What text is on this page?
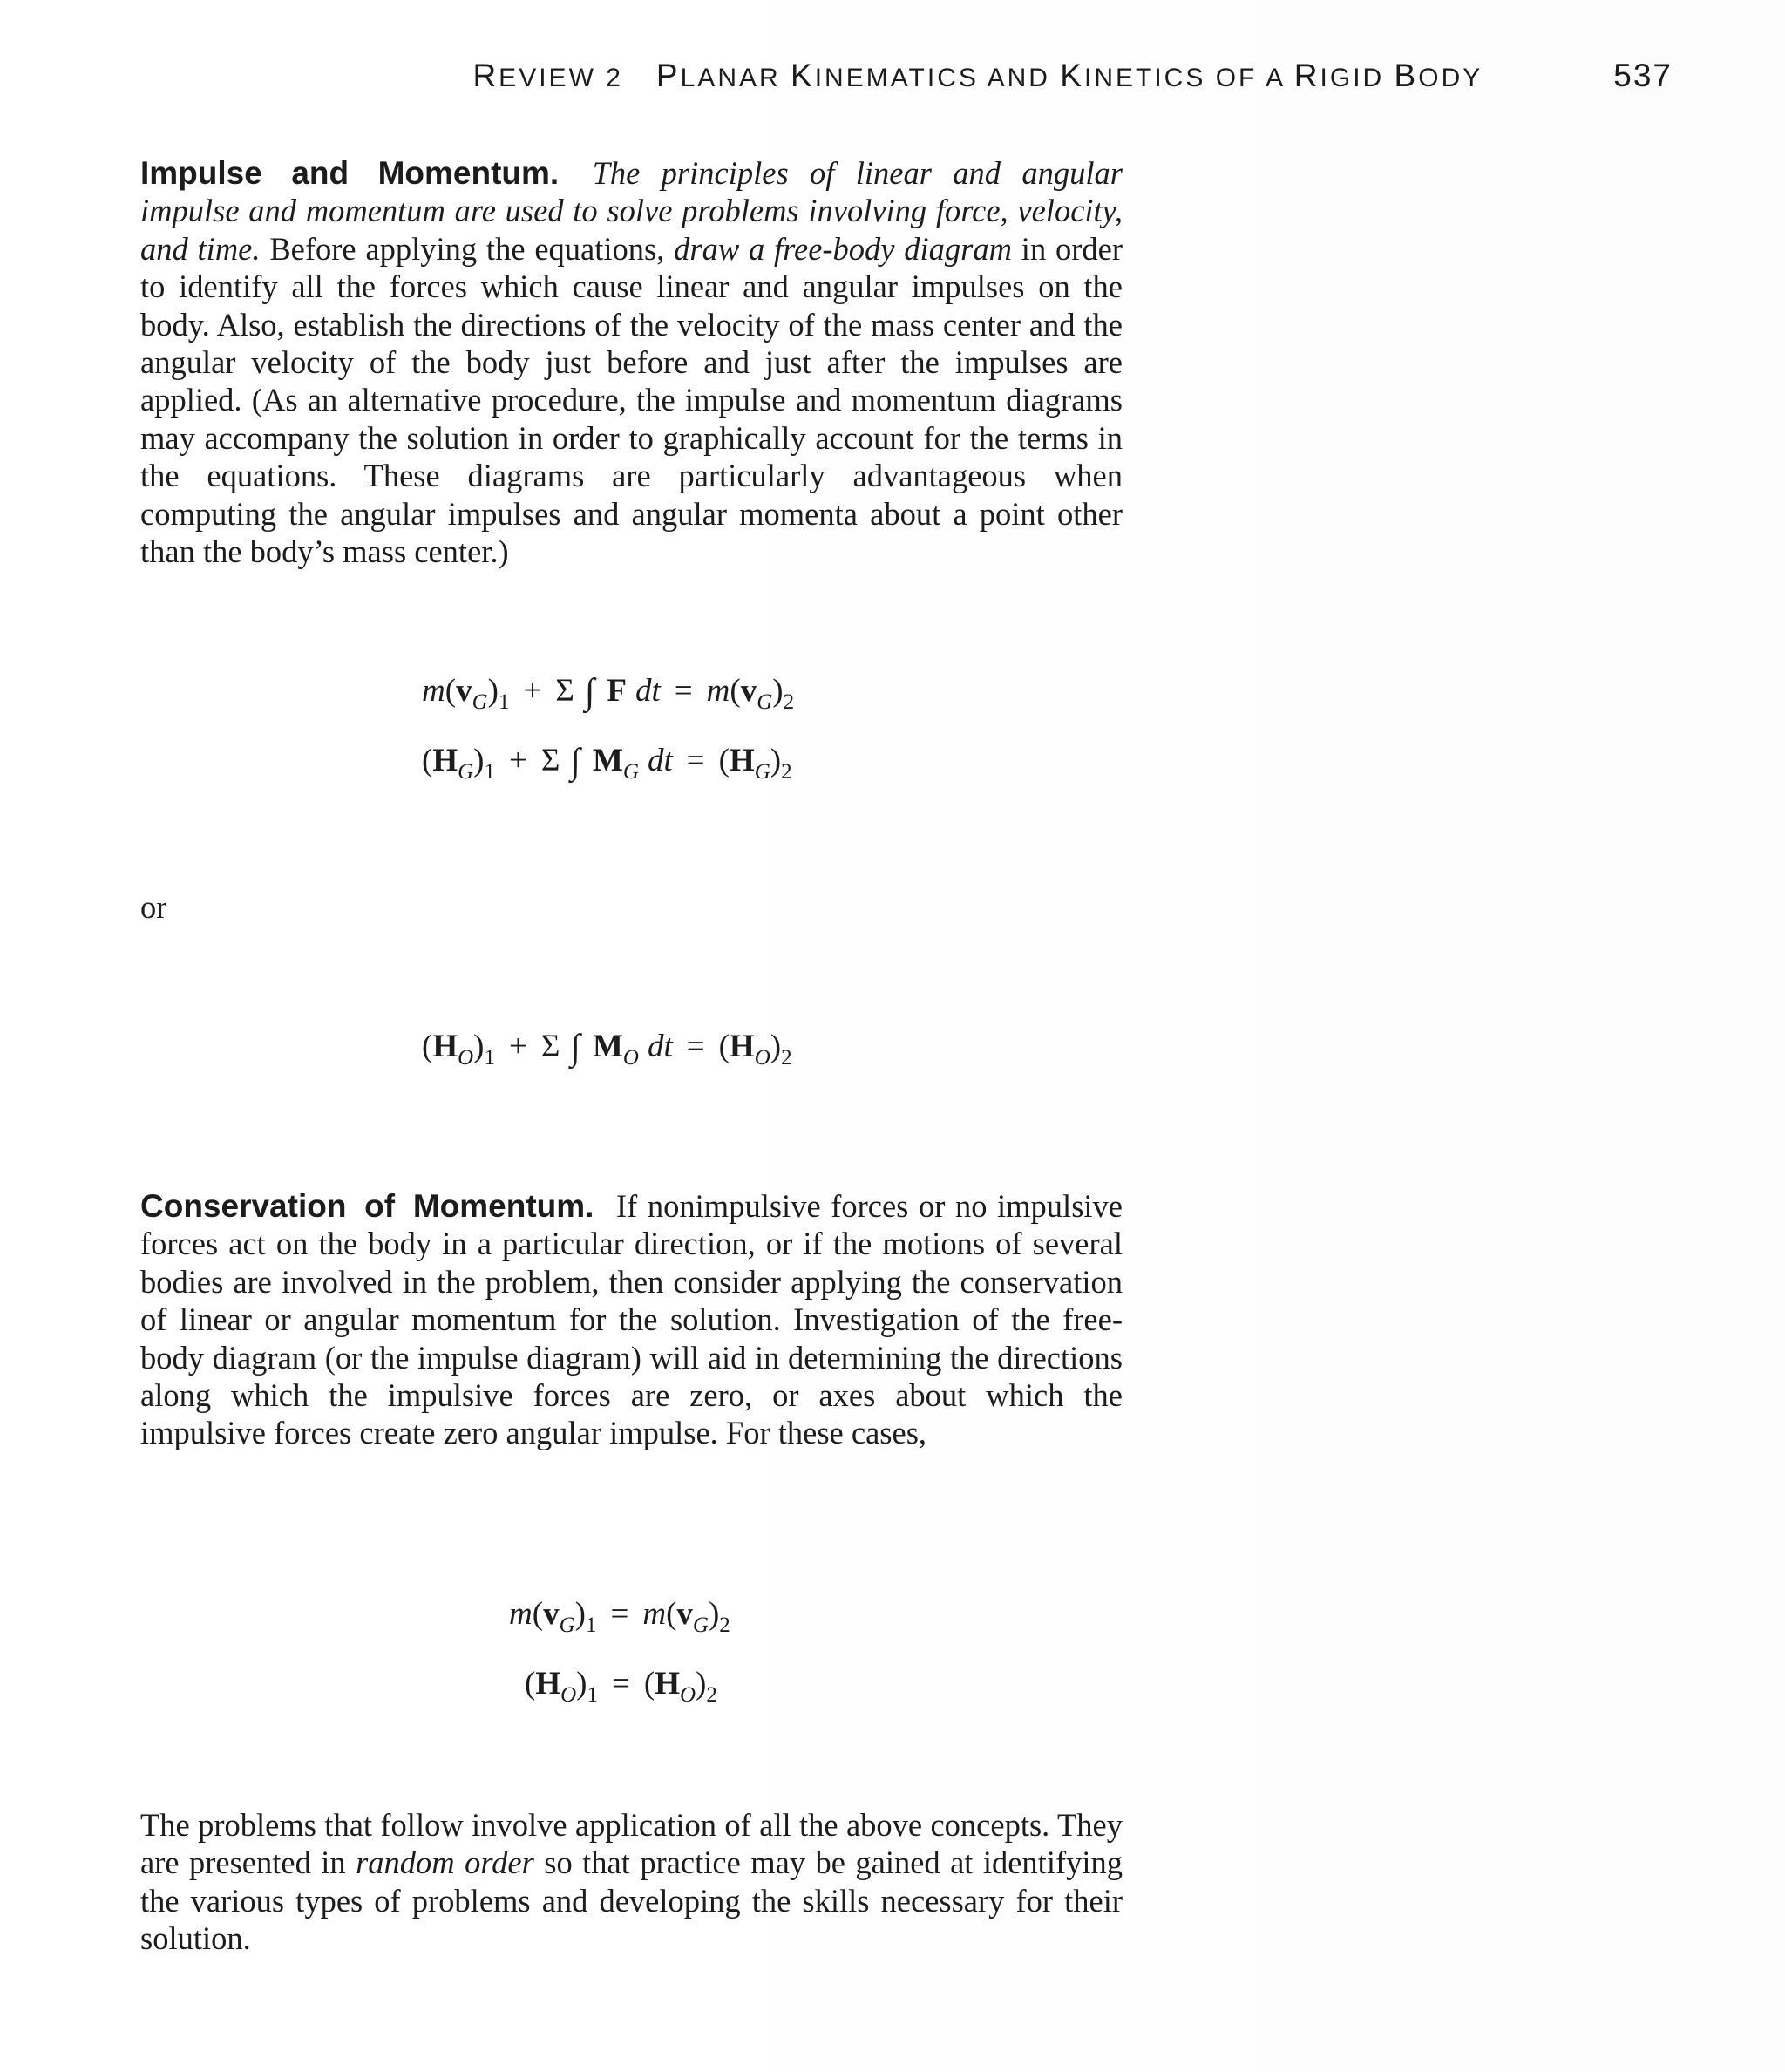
REVIEW 2 PLANAR KINEMATICS AND KINETICS OF A RIGID BODY	537

Impulse and Momentum. The principles of linear and angular impulse and momentum are used to solve problems involving force, velocity, and time. Before applying the equations, draw a free-body diagram in order to identify all the forces which cause linear and angular impulses on the body. Also, establish the directions of the velocity of the mass center and the angular velocity of the body just before and just after the impulses are applied. (As an alternative procedure, the impulse and momentum diagrams may accompany the solution in order to graphically account for the terms in the equations. These diagrams are particularly advantageous when computing the angular impulses and angular momenta about a point other than the body’s mass center.)

$m(v_G)_1 + \Sigma$ ∫ F dt = $m(v_G)_2$
$(H_G)_1 + \Sigma$ ∫ $M_G$ dt = $(H_G)_2$
or
$(H_O)_1 + \Sigma$ ∫ $M_O$ dt = $(H_O)_2$

Conservation of Momentum. If nonimpulsive forces or no impulsive forces act on the body in a particular direction, or if the motions of several bodies are involved in the problem, then consider applying the conservation of linear or angular momentum for the solution. Investigation of the free-body diagram (or the impulse diagram) will aid in determining the directions along which the impulsive forces are zero, or axes about which the impulsive forces create zero angular impulse. For these cases,

$m(v_G)_1 = m(v_G)_2$
$(H_O)_1 = (H_O)_2$

The problems that follow involve application of all the above concepts. They are presented in random order so that practice may be gained at identifying the various types of problems and developing the skills necessary for their solution.
